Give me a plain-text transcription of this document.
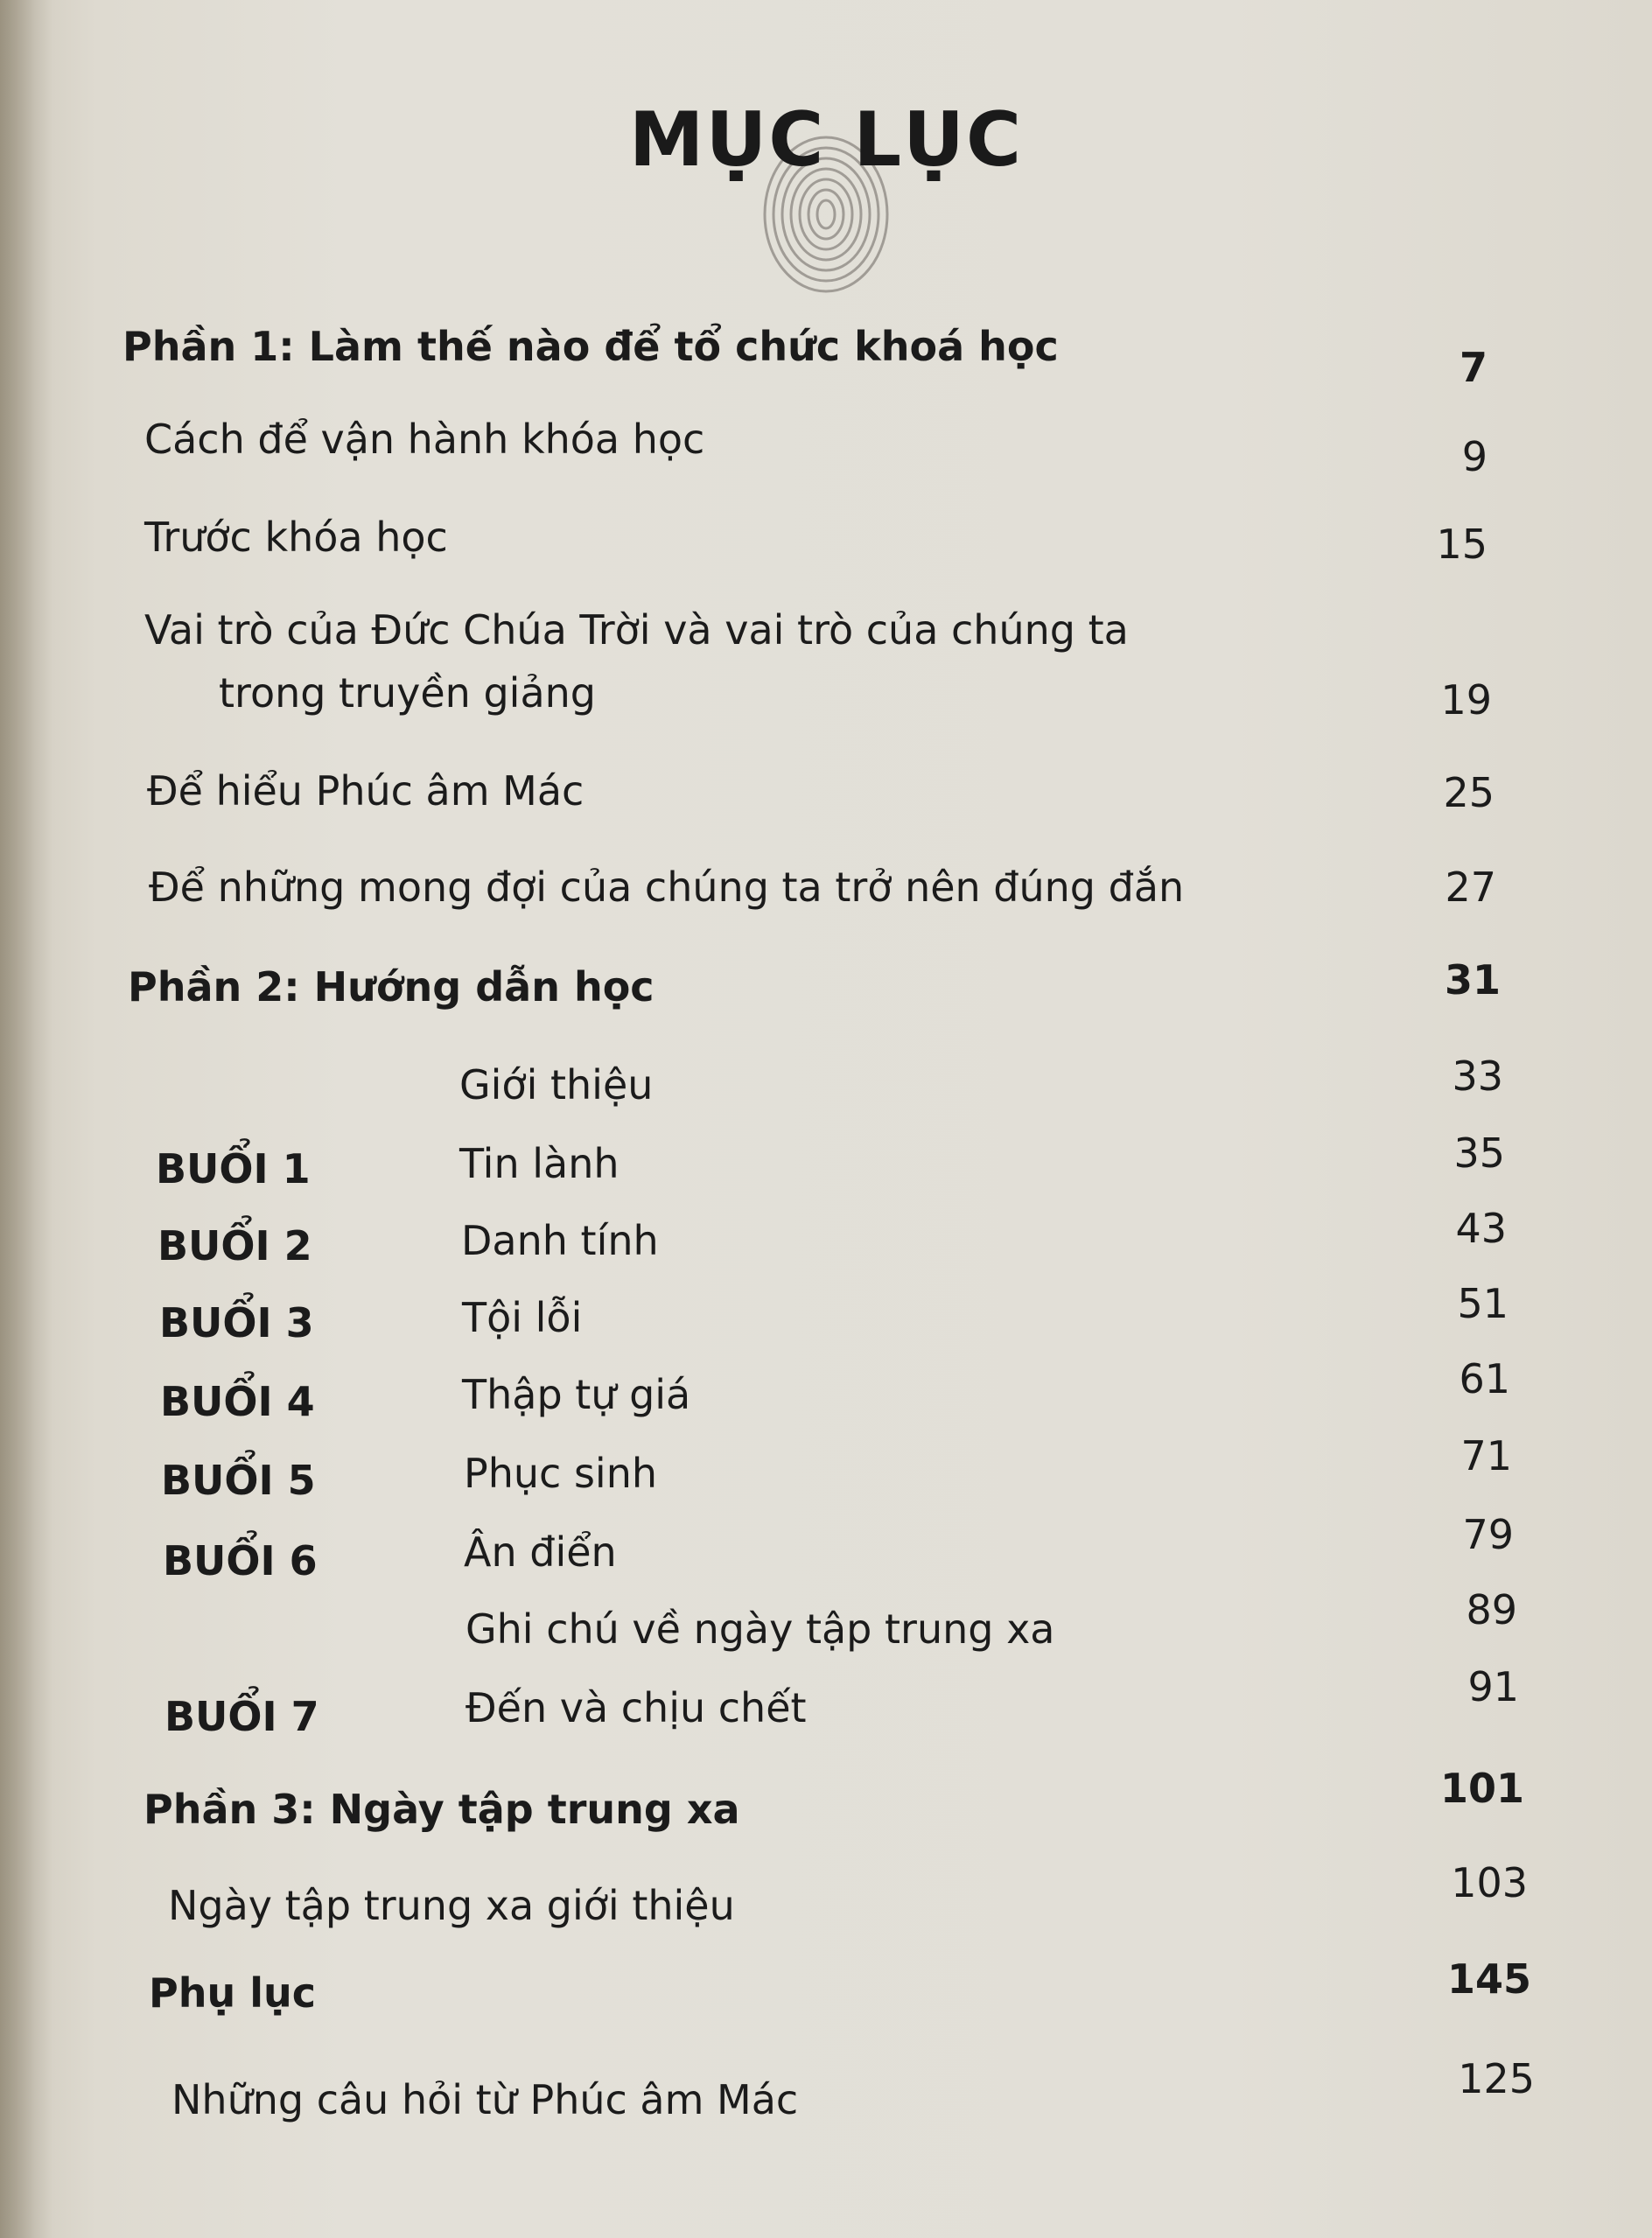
MỤC LỤC
Phần 1: Làm thế nào để tổ chức khoá học	7
Cách để vận hành khóa học	9
Trước khóa học	15
Vai trò của Đức Chúa Trời và vai trò của chúng ta
trong truyền giảng	19
Để hiểu Phúc âm Mác	25
Để những mong đợi của chúng ta trở nên đúng đắn	27
Phần 2: Hướng dẫn học	31
Giới thiệu	33
BUỔI 1	Tin lành	35
BUỔI 2	Danh tính	43
BUỔI 3	Tội lỗi	51
BUỔI 4	Thập tự giá	61
BUỔI 5	Phục sinh	71
BUỔI 6	Ân điển	79
Ghi chú về ngày tập trung xa	89
BUỔI 7	Đến và chịu chết	91
Phần 3: Ngày tập trung xa	101
Ngày tập trung xa giới thiệu	103
Phụ lục	145
Những câu hỏi từ Phúc âm Mác	125
